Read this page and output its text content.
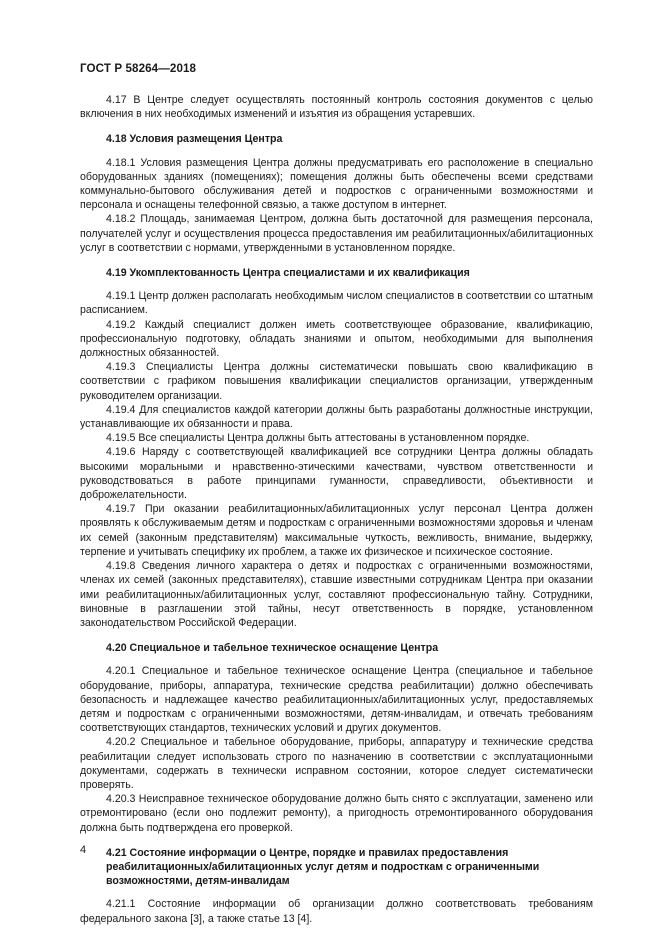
ГОСТ Р 58264—2018

4.17 В Центре следует осуществлять постоянный контроль состояния документов с целью включения в них необходимых изменений и изъятия из обращения устаревших.

4.18 Условия размещения Центра

4.18.1 Условия размещения Центра должны предусматривать его расположение в специально оборудованных зданиях (помещениях); помещения должны быть обеспечены всеми средствами коммунально-бытового обслуживания детей и подростков с ограниченными возможностями и персонала и оснащены телефонной связью, а также доступом в интернет.

4.18.2 Площадь, занимаемая Центром, должна быть достаточной для размещения персонала, получателей услуг и осуществления процесса предоставления им реабилитационных/абилитационных услуг в соответствии с нормами, утвержденными в установленном порядке.

4.19 Укомплектованность Центра специалистами и их квалификация

4.19.1 Центр должен располагать необходимым числом специалистов в соответствии со штатным расписанием.

4.19.2 Каждый специалист должен иметь соответствующее образование, квалификацию, профессиональную подготовку, обладать знаниями и опытом, необходимыми для выполнения должностных обязанностей.

4.19.3 Специалисты Центра должны систематически повышать свою квалификацию в соответствии с графиком повышения квалификации специалистов организации, утвержденным руководителем организации.

4.19.4 Для специалистов каждой категории должны быть разработаны должностные инструкции, устанавливающие их обязанности и права.

4.19.5 Все специалисты Центра должны быть аттестованы в установленном порядке.

4.19.6 Наряду с соответствующей квалификацией все сотрудники Центра должны обладать высокими моральными и нравственно-этическими качествами, чувством ответственности и руководствоваться в работе принципами гуманности, справедливости, объективности и доброжелательности.

4.19.7 При оказании реабилитационных/абилитационных услуг персонал Центра должен проявлять к обслуживаемым детям и подросткам с ограниченными возможностями здоровья и членам их семей (законным представителям) максимальные чуткость, вежливость, внимание, выдержку, терпение и учитывать специфику их проблем, а также их физическое и психическое состояние.

4.19.8 Сведения личного характера о детях и подростках с ограниченными возможностями, членах их семей (законных представителях), ставшие известными сотрудникам Центра при оказании ими реабилитационных/абилитационных услуг, составляют профессиональную тайну. Сотрудники, виновные в разглашении этой тайны, несут ответственность в порядке, установленном законодательством Российской Федерации.

4.20 Специальное и табельное техническое оснащение Центра

4.20.1 Специальное и табельное техническое оснащение Центра (специальное и табельное оборудование, приборы, аппаратура, технические средства реабилитации) должно обеспечивать безопасность и надлежащее качество реабилитационных/абилитационных услуг, предоставляемых детям и подросткам с ограниченными возможностями, детям-инвалидам, и отвечать требованиям соответствующих стандартов, технических условий и других документов.

4.20.2 Специальное и табельное оборудование, приборы, аппаратуру и технические средства реабилитации следует использовать строго по назначению в соответствии с эксплуатационными документами, содержать в технически исправном состоянии, которое следует систематически проверять.

4.20.3 Неисправное техническое оборудование должно быть снято с эксплуатации, заменено или отремонтировано (если оно подлежит ремонту), а пригодность отремонтированного оборудования должна быть подтверждена его проверкой.

4.21 Состояние информации о Центре, порядке и правилах предоставления реабилитационных/абилитационных услуг детям и подросткам с ограниченными возможностями, детям-инвалидам

4.21.1 Состояние информации об организации должно соответствовать требованиям федерального закона [3], а также статье 13 [4].

4
